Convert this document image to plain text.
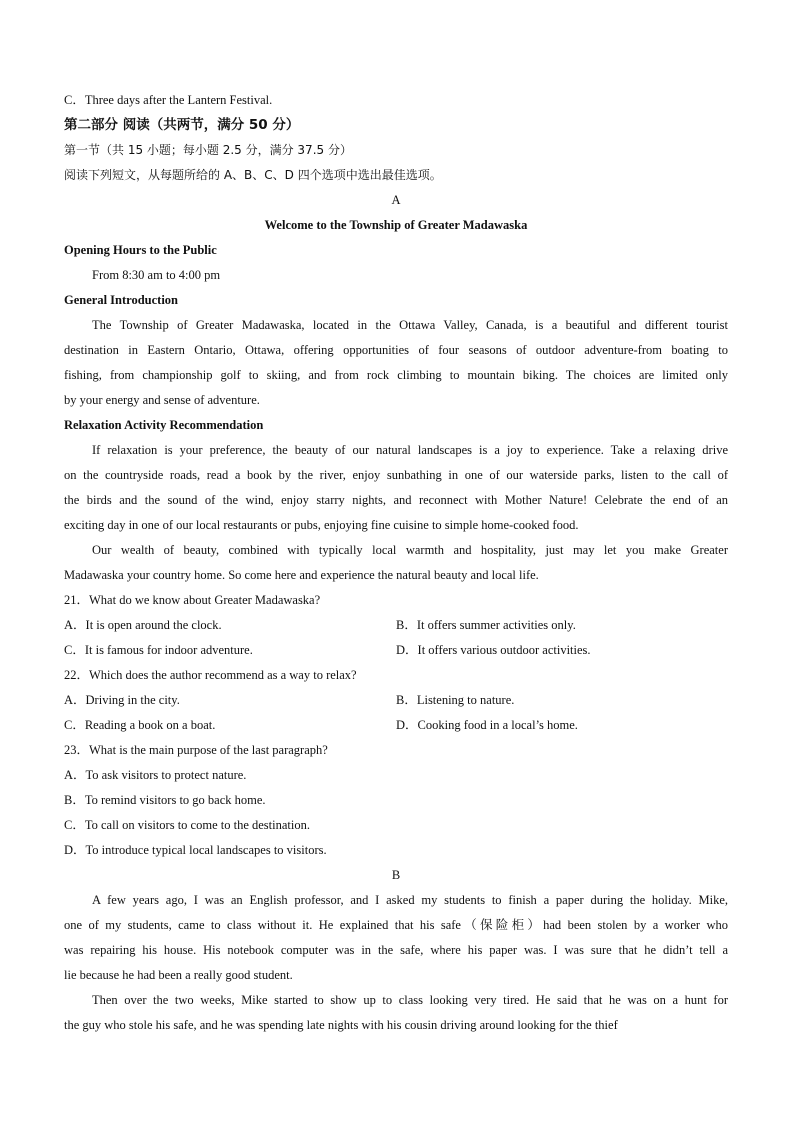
C．Three days after the Lantern Festival.
第二部分 阅读（共两节，满分 50 分）
第一节（共 15 小题；每小题 2.5 分，满分 37.5 分）
阅读下列短文，从每题所给的 A、B、C、D 四个选项中选出最佳选项。
A
Welcome to the Township of Greater Madawaska
Opening Hours to the Public
From 8:30 am to 4:00 pm
General Introduction
The Township of Greater Madawaska, located in the Ottawa Valley, Canada, is a beautiful and different tourist
destination in Eastern Ontario, Ottawa, offering opportunities of four seasons of outdoor adventure-from boating to
fishing, from championship golf to skiing, and from rock climbing to mountain biking. The choices are limited only
by your energy and sense of adventure.
Relaxation Activity Recommendation
If relaxation is your preference, the beauty of our natural landscapes is a joy to experience. Take a relaxing drive
on the countryside roads, read a book by the river, enjoy sunbathing in one of our waterside parks, listen to the call of
the birds and the sound of the wind, enjoy starry nights, and reconnect with Mother Nature! Celebrate the end of an
exciting day in one of our local restaurants or pubs, enjoying fine cuisine to simple home-cooked food.
Our wealth of beauty, combined with typically local warmth and hospitality, just may let you make Greater
Madawaska your country home. So come here and experience the natural beauty and local life.
21．What do we know about Greater Madawaska?
A．It is open around the clock.	B．It offers summer activities only.
C．It is famous for indoor adventure.	D．It offers various outdoor activities.
22．Which does the author recommend as a way to relax?
A．Driving in the city.	B．Listening to nature.
C．Reading a book on a boat.	D．Cooking food in a local’s home.
23．What is the main purpose of the last paragraph?
A．To ask visitors to protect nature.
B．To remind visitors to go back home.
C．To call on visitors to come to the destination.
D．To introduce typical local landscapes to visitors.
B
A few years ago, I was an English professor, and I asked my students to finish a paper during the holiday. Mike,
one of my students, came to class without it. He explained that his safe（保险柜）had been stolen by a worker who
was repairing his house. His notebook computer was in the safe, where his paper was. I was sure that he didn’t tell a
lie because he had been a really good student.
Then over the two weeks, Mike started to show up to class looking very tired. He said that he was on a hunt for
the guy who stole his safe, and he was spending late nights with his cousin driving around looking for the thief
